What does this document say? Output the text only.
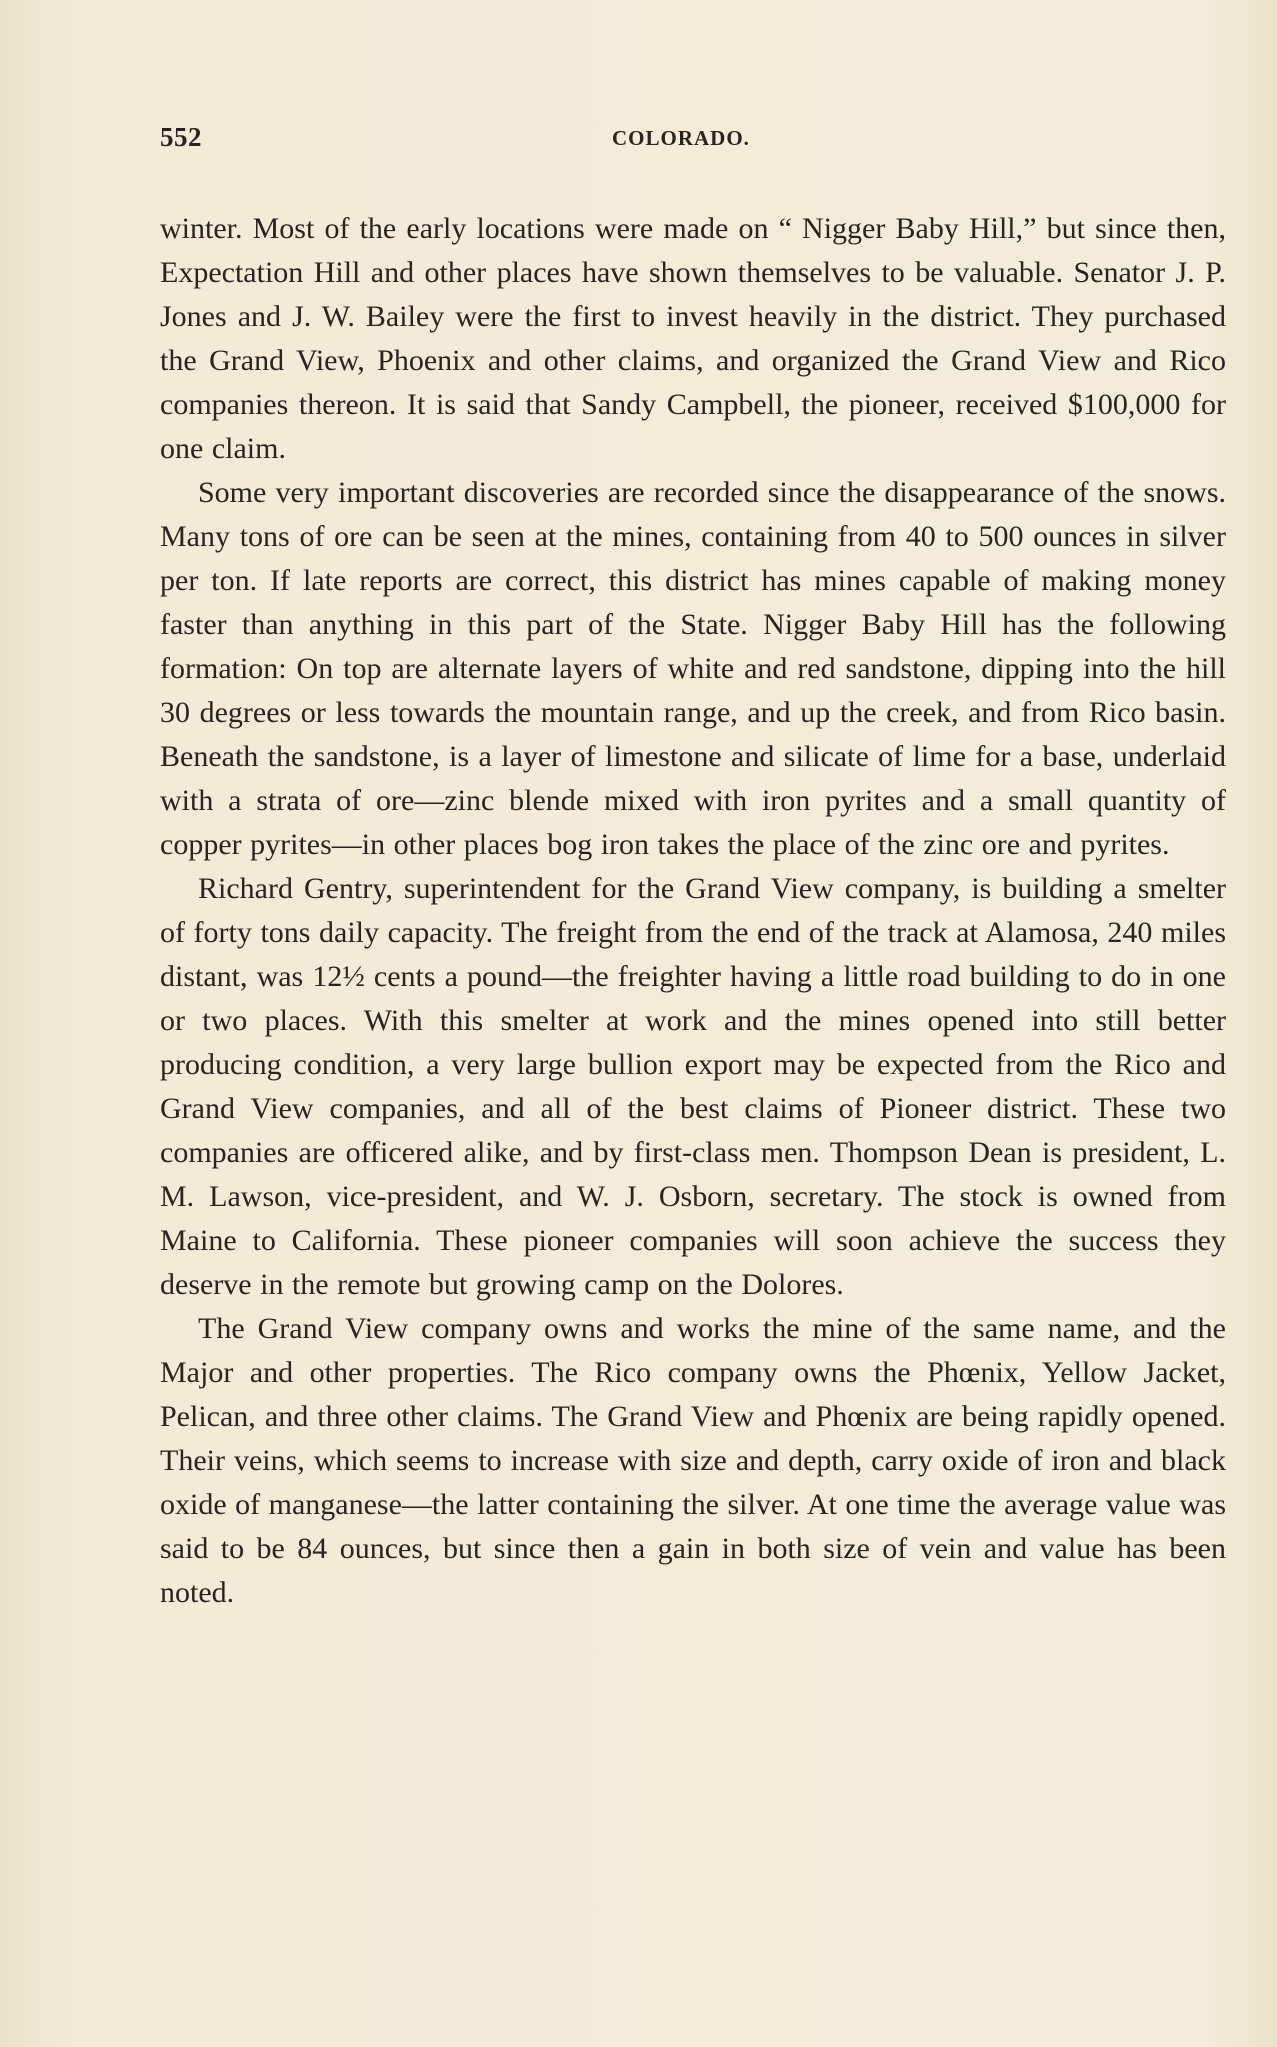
552	COLORADO.

winter. Most of the early locations were made on “ Nigger Baby Hill,” but since then, Expectation Hill and other places have shown themselves to be valuable. Senator J. P. Jones and J. W. Bailey were the first to invest heavily in the district. They purchased the Grand View, Phoenix and other claims, and organized the Grand View and Rico companies thereon. It is said that Sandy Campbell, the pioneer, received $100,000 for one claim.

Some very important discoveries are recorded since the disappearance of the snows. Many tons of ore can be seen at the mines, containing from 40 to 500 ounces in silver per ton. If late reports are correct, this district has mines capable of making money faster than anything in this part of the State. Nigger Baby Hill has the following formation: On top are alternate layers of white and red sandstone, dipping into the hill 30 degrees or less towards the mountain range, and up the creek, and from Rico basin. Beneath the sandstone, is a layer of limestone and silicate of lime for a base, underlaid with a strata of ore—zinc blende mixed with iron pyrites and a small quantity of copper pyrites—in other places bog iron takes the place of the zinc ore and pyrites.

Richard Gentry, superintendent for the Grand View company, is building a smelter of forty tons daily capacity. The freight from the end of the track at Alamosa, 240 miles distant, was 12½ cents a pound—the freighter having a little road building to do in one or two places. With this smelter at work and the mines opened into still better producing condition, a very large bullion export may be expected from the Rico and Grand View companies, and all of the best claims of Pioneer district. These two companies are officered alike, and by first-class men. Thompson Dean is president, L. M. Lawson, vice-president, and W. J. Osborn, secretary. The stock is owned from Maine to California. These pioneer companies will soon achieve the success they deserve in the remote but growing camp on the Dolores.

The Grand View company owns and works the mine of the same name, and the Major and other properties. The Rico company owns the Phœnix, Yellow Jacket, Pelican, and three other claims. The Grand View and Phœnix are being rapidly opened. Their veins, which seems to increase with size and depth, carry oxide of iron and black oxide of manganese—the latter containing the silver. At one time the average value was said to be 84 ounces, but since then a gain in both size of vein and value has been noted.
